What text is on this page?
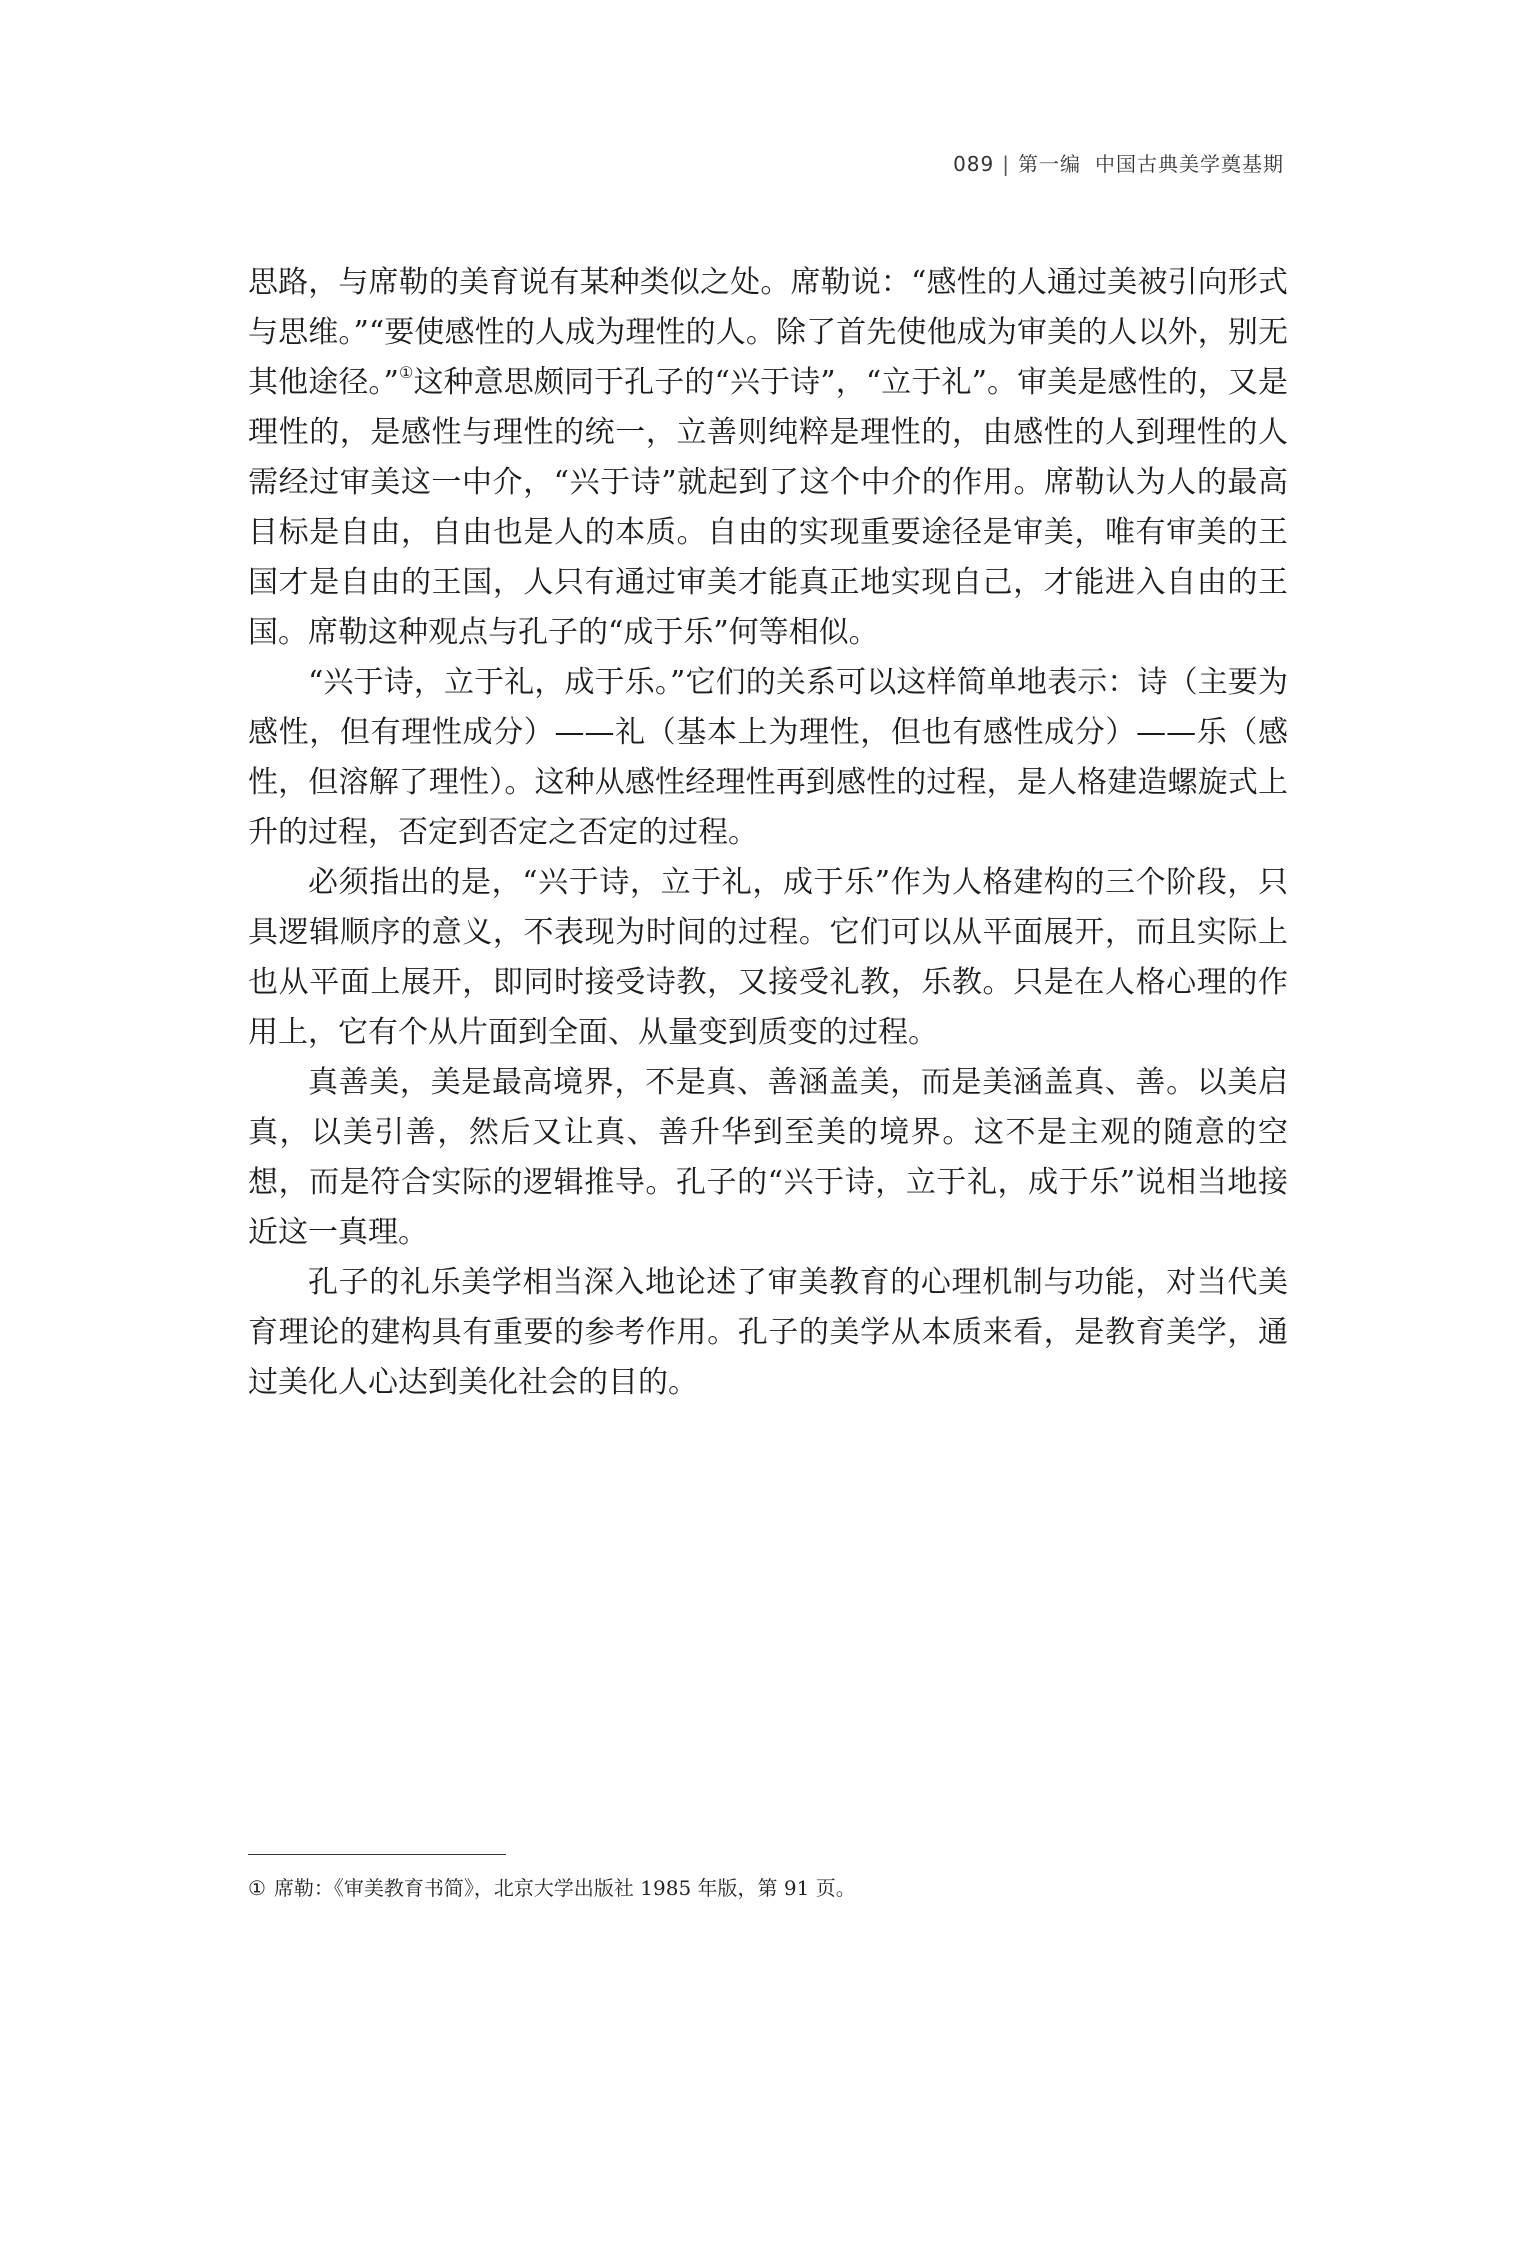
089 | 第一编 中国古典美学奠基期

思路，与席勒的美育说有某种类似之处。席勒说：“感性的人通过美被引向形式与思维。”“要使感性的人成为理性的人。除了首先使他成为审美的人以外，别无其他途径。”①这种意思颇同于孔子的“兴于诗”，“立于礼”。审美是感性的，又是理性的，是感性与理性的统一，立善则纯粹是理性的，由感性的人到理性的人需经过审美这一中介，“兴于诗”就起到了这个中介的作用。席勒认为人的最高目标是自由，自由也是人的本质。自由的实现重要途径是审美，唯有审美的王国才是自由的王国，人只有通过审美才能真正地实现自己，才能进入自由的王国。席勒这种观点与孔子的“成于乐”何等相似。

“兴于诗，立于礼，成于乐。”它们的关系可以这样简单地表示：诗（主要为感性，但有理性成分）——礼（基本上为理性，但也有感性成分）——乐（感性，但溶解了理性）。这种从感性经理性再到感性的过程，是人格建造螺旋式上升的过程，否定到否定之否定的过程。

必须指出的是，“兴于诗，立于礼，成于乐”作为人格建构的三个阶段，只具逻辑顺序的意义，不表现为时间的过程。它们可以从平面展开，而且实际上也从平面上展开，即同时接受诗教，又接受礼教，乐教。只是在人格心理的作用上，它有个从片面到全面、从量变到质变的过程。

真善美，美是最高境界，不是真、善涵盖美，而是美涵盖真、善。以美启真，以美引善，然后又让真、善升华到至美的境界。这不是主观的随意的空想，而是符合实际的逻辑推导。孔子的“兴于诗，立于礼，成于乐”说相当地接近这一真理。

孔子的礼乐美学相当深入地论述了审美教育的心理机制与功能，对当代美育理论的建构具有重要的参考作用。孔子的美学从本质来看，是教育美学，通过美化人心达到美化社会的目的。

① 席勒：《审美教育书简》，北京大学出版社 1985 年版，第 91 页。
